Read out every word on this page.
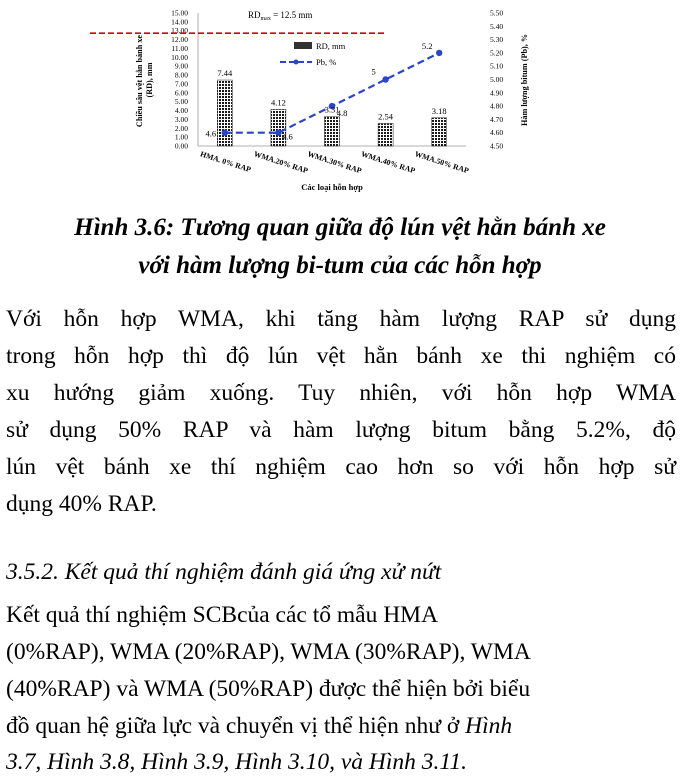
0.00
1.00
2.00
3.00
4.00
5.00
6.00
7.00
8.00
9.00
10.00
11.00
12.00
13.00
14.00
15.00
4.50
4.60
4.70
4.80
4.90
5.00
5.10
5.20
5.30
5.40
5.50
$RD_{max} = 12.5$ mm
7.44
4.12
3.31
2.54
3.18
4.6	4.6
4.8
5
5.2
RD, mm
Pb, %
HMA. 0% RAP WMA.20% RAP
WMA.30% RAP
WMA.40% RAP
WMA.50% RAP
Các loại hỗn hợp
Chiều sâu vệt hằn bánh xe (RD), mm	Hàm lượng bitum (Pb), %
Hình 3.6: Tương quan giữa độ lún vệt hằn bánh xe
với hàm lượng bi-tum của các hỗn hợp
Với hỗn hợp WMA, khi tăng hàm lượng RAP sử dụng
trong hỗn hợp thì độ lún vệt hằn bánh xe thi nghiệm có
xu hướng giảm xuống. Tuy nhiên, với hỗn hợp WMA
sử dụng 50% RAP và hàm lượng bitum bằng 5.2%, độ
lún vệt bánh xe thí nghiệm cao hơn so với hỗn hợp sử
dụng 40% RAP.
3.5.2. Kết quả thí nghiệm đánh giá ứng xử nứt
Kết quả thí nghiệm SCBcủa các tổ mẫu HMA
(0%RAP), WMA (20%RAP), WMA (30%RAP), WMA
(40%RAP) và WMA (50%RAP) được thể hiện bởi biểu
đồ quan hệ giữa lực và chuyển vị thể hiện như ở Hình
3.7, Hình 3.8, Hình 3.9, Hình 3.10, và Hình 3.11.
